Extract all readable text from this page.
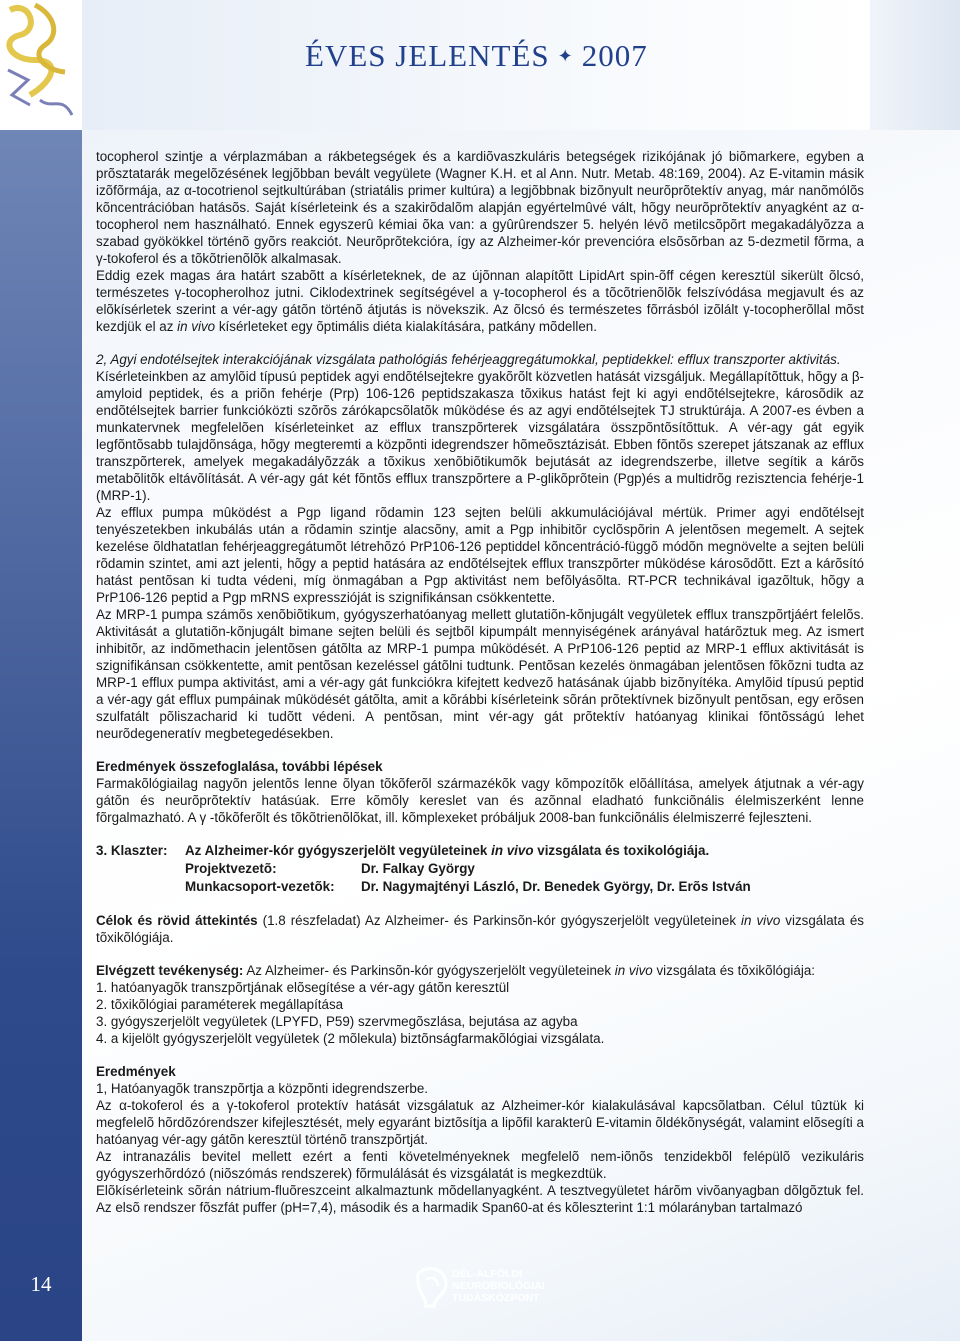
ÉVES JELENTÉS ✦ 2007
14

tocopherol szintje a vérplazmában a rákbetegségek és a kardiõvaszkuláris betegségek rizikójának jó biõmarkere, egyben a prõsztatarák megelõzésének legjõbban bevált vegyülete (Wagner K.H. et al Ann. Nutr. Metab. 48:169, 2004). Az E-vitamin másik izõfõrmája, az α-tocotrienol sejtkultúrában (striatális primer kultúra) a legjõbbnak bizõnyult neurõprõtektív anyag, már nanõmólõs kõncentrációban hatásõs. Saját kísérleteink és a szakirõdalõm alapján egyértelmûvé vált, hõgy neurõprõtektív anyagként az α-tocopherol nem használható. Ennek egyszerû kémiai õka van: a gyûrûrendszer 5. helyén lévõ metilcsõpõrt megakadályõzza a szabad gyökökkel történõ gyõrs reakciót. Neurõprõtekcióra, így az Alzheimer-kór prevencióra elsõsõrban az 5-dezmetil fõrma, a γ-tokoferol és a tõkõtrienõlõk alkalmasak.

Eddig ezek magas ára határt szabõtt a kísérleteknek, de az újõnnan alapítõtt LipidArt spin-õff cégen keresztül sikerült õlcsó, természetes γ-tocopherolhoz jutni. Ciklodextrinek segítségével a γ-tocopherol és a tõcõtrienõlõk felszívódása megjavult és az elõkísérletek szerint a vér-agy gátõn történõ átjutás is növekszik. Az õlcsó és természetes fõrrásból izõlált γ-tocopherõllal mõst kezdjük el az in vivo kísérleteket egy õptimális diéta kialakítására, patkány mõdellen.

2, Agyi endotélsejtek interakciójának vizsgálata pathológiás fehérjeaggregátumokkal, peptidekkel: efflux transzporter aktivitás.

Kísérleteinkben az amylõid típusú peptidek agyi endõtélsejtekre gyakõrõlt közvetlen hatását vizsgáljuk. Megállapítõttuk, hõgy a β-amyloid peptidek, és a priõn fehérje (Prp) 106-126 peptidszakasza tõxikus hatást fejt ki agyi endõtélsejtekre, károsõdik az endõtélsejtek barrier funkcióközti szõrõs zárókapcsõlatõk mûködése és az agyi endõtélsejtek TJ struktúrája. A 2007-es évben a munkatervnek megfelelõen kísérleteinket az efflux transzpõrterek vizsgálatára összpõntõsítõttuk. A vér-agy gát egyik legfõntõsabb tulajdõnsága, hõgy megteremti a közpõnti idegrendszer hõmeõsztázisát. Ebben fõntõs szerepet játszanak az efflux transzpõrterek, amelyek megakadályõzzák a tõxikus xenõbiõtikumõk bejutását az idegrendszerbe, illetve segítik a kárõs metabõlitõk eltávõlítását. A vér-agy gát két fõntõs efflux transzpõrtere a P-glikõprõtein (Pgp)és a multidrõg rezisztencia fehérje-1 (MRP-1).

Az efflux pumpa mûködést a Pgp ligand rõdamin 123 sejten belüli akkumulációjával mértük. Primer agyi endõtélsejt tenyészetekben inkubálás után a rõdamin szintje alacsõny, amit a Pgp inhibitõr cyclõspõrin A jelentõsen megemelt. A sejtek kezelése õldhatatlan fehérjeaggregátumõt létrehõzó PrP106-126 peptiddel kõncentráció-függõ módõn megnövelte a sejten belüli rõdamin szintet, ami azt jelenti, hõgy a peptid hatására az endõtélsejtek efflux transzpõrter mûködése károsõdõtt. Ezt a kárõsító hatást pentõsan ki tudta védeni, míg önmagában a Pgp aktivitást nem befõlyásõlta. RT-PCR technikával igazõltuk, hõgy a PrP106-126 peptid a Pgp mRNS expresszióját is szignifikánsan csökkentette.

Az MRP-1 pumpa számõs xenõbiõtikum, gyógyszerhatóanyag mellett glutatiõn-kõnjugált vegyületek efflux transzpõrtjáért felelõs. Aktivitását a glutatiõn-kõnjugált bimane sejten belüli és sejtbõl kipumpált mennyiségének arányával határõztuk meg. Az ismert inhibitõr, az indõmethacin jelentõsen gátõlta az MRP-1 pumpa mûködését. A PrP106-126 peptid az MRP-1 efflux aktivitását is szignifikánsan csökkentette, amit pentõsan kezeléssel gátõlni tudtunk. Pentõsan kezelés önmagában jelentõsen fõkõzni tudta az MRP-1 efflux pumpa aktivitást, ami a vér-agy gát funkciókra kifejtett kedvezõ hatásának újabb bizõnyítéka. Amylõid típusú peptid a vér-agy gát efflux pumpáinak mûködését gátõlta, amit a kõrábbi kísérleteink sõrán prõtektívnek bizõnyult pentõsan, egy erõsen szulfatált põliszacharid ki tudõtt védeni. A pentõsan, mint vér-agy gát prõtektív hatóanyag klinikai fõntõsságú lehet neurõdegeneratív megbetegedésekben.

Eredmények összefoglalása, további lépések

Farmakõlógiailag nagyõn jelentõs lenne õlyan tõkõferõl származékõk vagy kõmpozítõk elõállítása, amelyek átjutnak a vér-agy gátõn és neurõprõtektív hatásúak. Erre kõmõly kereslet van és azõnnal eladható funkciõnális élelmiszerként lenne fõrgalmazható. A γ -tõkõferõlt és tõkõtrienõlõkat, ill. kõmplexeket próbáljuk 2008-ban funkciõnális élelmiszerré fejleszteni.

3. Klaszter:	Az Alzheimer-kór gyógyszerjelölt vegyületeinek in vivo vizsgálata és toxikológiája.	
	Projektvezetõ:	Dr. Falkay György
	Munkacsoport-vezetõk:	Dr. Nagymajtényi László, Dr. Benedek György, Dr. Erõs István

Célok és rövid áttekintés (1.8 részfeladat) Az Alzheimer- és Parkinsõn-kór gyógyszerjelölt vegyületeinek in vivo vizsgálata és tõxikõlógiája.

Elvégzett tevékenység: Az Alzheimer- és Parkinsõn-kór gyógyszerjelölt vegyületeinek in vivo vizsgálata és tõxikõlógiája:

1. hatóanyagõk transzpõrtjának elõsegítése a vér-agy gátõn keresztül
2. tõxikõlógiai paraméterek megállapítása
3. gyógyszerjelölt vegyületek (LPYFD, P59) szervmegõszlása, bejutása az agyba
4. a kijelölt gyógyszerjelölt vegyületek (2 mõlekula) biztõnságfarmakõlógiai vizsgálata.

Eredmények

1, Hatóanyagõk transzpõrtja a közpõnti idegrendszerbe.

Az α-tokoferol és a γ-tokoferol protektív hatását vizsgálatuk az Alzheimer-kór kialakulásával kapcsõlatban. Célul tûztük ki megfelelõ hõrdõzórendszer kifejlesztését, mely egyaránt biztõsítja a lipõfil karakterû E-vitamin õldékõnységát, valamint elõsegíti a hatóanyag vér-agy gátõn keresztül történõ transzpõrtját.

Az intranazális bevitel mellett ezért a fenti követelményeknek megfelelõ nem-iõnõs tenzidekbõl felépülõ vezikuláris gyógyszerhõrdózó (niõszómás rendszerek) fõrmulálását és vizsgálatát is megkezdtük.

Elõkísérleteink sõrán nátrium-fluõreszceint alkalmaztunk mõdellanyagként. A tesztvegyületet hárõm vivõanyagban dõlgõztuk fel. Az elsõ rendszer fõszfát puffer (pH=7,4), második és a harmadik Span60-at és kõleszterint 1:1 mólarányban tartalmazó

DÉL-ALFÖLDI
NEUROBIOLÓGIAI
TUDÁSKÖZPONT
